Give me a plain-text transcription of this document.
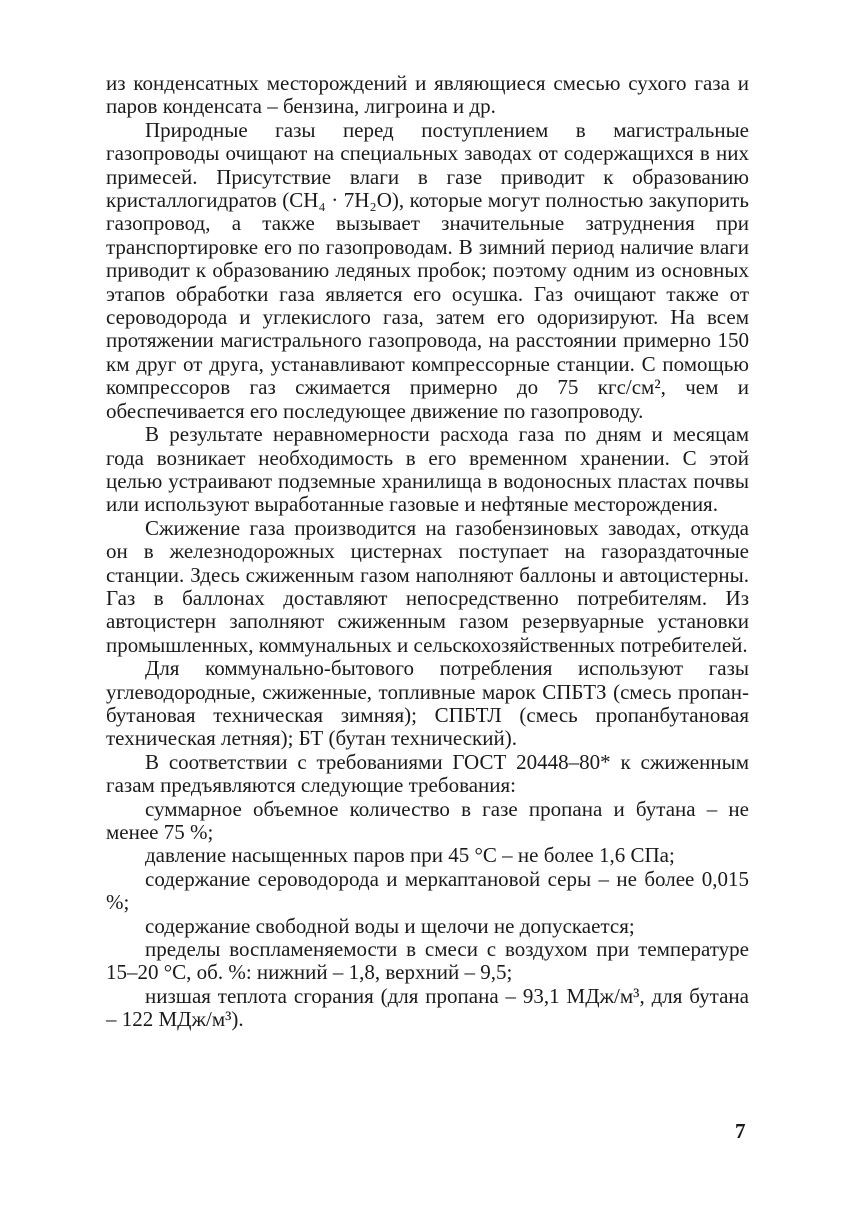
из конденсатных месторождений и являющиеся смесью сухого газа и паров конденсата – бензина, лигроина и др.

Природные газы перед поступлением в магистральные газопроводы очищают на специальных заводах от содержащихся в них примесей. Присутствие влаги в газе приводит к образованию кристаллогидратов (CH₄ · 7H₂O), которые могут полностью закупорить газопровод, а также вызывает значительные затруднения при транспортировке его по газопроводам. В зимний период наличие влаги приводит к образованию ледяных пробок; поэтому одним из основных этапов обработки газа является его осушка. Газ очищают также от сероводорода и углекислого газа, затем его одоризируют. На всем протяжении магистрального газопровода, на расстоянии примерно 150 км друг от друга, устанавливают компрессорные станции. С помощью компрессоров газ сжимается примерно до 75 кгс/см², чем и обеспечивается его последующее движение по газопроводу.

В результате неравномерности расхода газа по дням и месяцам года возникает необходимость в его временном хранении. С этой целью устраивают подземные хранилища в водоносных пластах почвы или используют выработанные газовые и нефтяные месторождения.

Сжижение газа производится на газобензиновых заводах, откуда он в железнодорожных цистернах поступает на газораздаточные станции. Здесь сжиженным газом наполняют баллоны и автоцистерны. Газ в баллонах доставляют непосредственно потребителям. Из автоцистерн заполняют сжиженным газом резервуарные установки промышленных, коммунальных и сельскохозяйственных потребителей.

Для коммунально-бытового потребления используют газы углеводородные, сжиженные, топливные марок СПБТЗ (смесь пропан-бутановая техническая зимняя); СПБТЛ (смесь пропанбутановая техническая летняя); БТ (бутан технический).

В соответствии с требованиями ГОСТ 20448–80* к сжиженным газам предъявляются следующие требования:

суммарное объемное количество в газе пропана и бутана – не менее 75 %;

давление насыщенных паров при 45 °C – не более 1,6 СПа;

содержание сероводорода и меркаптановой серы – не более 0,015 %;

содержание свободной воды и щелочи не допускается;

пределы воспламеняемости в смеси с воздухом при температуре 15–20 °C, об. %: нижний – 1,8, верхний – 9,5;

низшая теплота сгорания (для пропана – 93,1 МДж/м³, для бутана – 122 МДж/м³).

7
